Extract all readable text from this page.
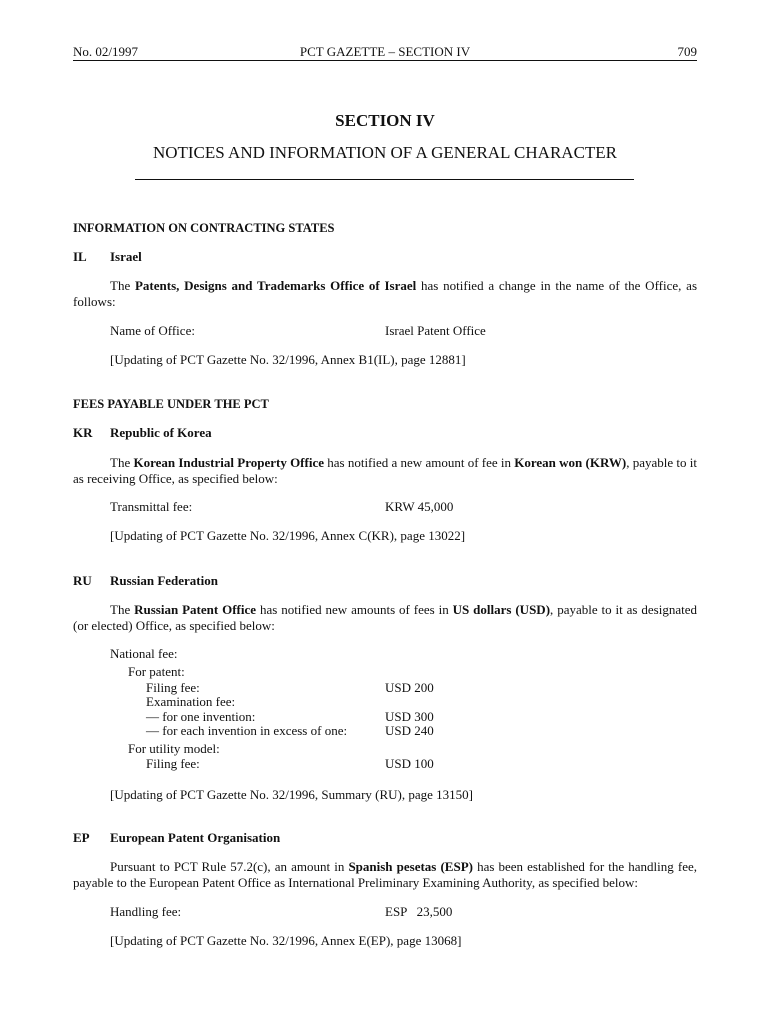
No. 02/1997	PCT GAZETTE – SECTION IV	709
SECTION IV
NOTICES AND INFORMATION OF A GENERAL CHARACTER
INFORMATION ON CONTRACTING STATES
IL Israel
The Patents, Designs and Trademarks Office of Israel has notified a change in the name of the Office, as follows:
Name of Office:	Israel Patent Office
[Updating of PCT Gazette No. 32/1996, Annex B1(IL), page 12881]
FEES PAYABLE UNDER THE PCT
KR Republic of Korea
The Korean Industrial Property Office has notified a new amount of fee in Korean won (KRW), payable to it as receiving Office, as specified below:
Transmittal fee:	KRW 45,000
[Updating of PCT Gazette No. 32/1996, Annex C(KR), page 13022]
RU Russian Federation
The Russian Patent Office has notified new amounts of fees in US dollars (USD), payable to it as designated (or elected) Office, as specified below:
National fee:
For patent:
Filing fee:	USD 200
Examination fee:
— for one invention:	USD 300
— for each invention in excess of one:	USD 240
For utility model:
Filing fee:	USD 100
[Updating of PCT Gazette No. 32/1996, Summary (RU), page 13150]
EP European Patent Organisation
Pursuant to PCT Rule 57.2(c), an amount in Spanish pesetas (ESP) has been established for the handling fee, payable to the European Patent Office as International Preliminary Examining Authority, as specified below:
Handling fee:	ESP   23,500
[Updating of PCT Gazette No. 32/1996, Annex E(EP), page 13068]
